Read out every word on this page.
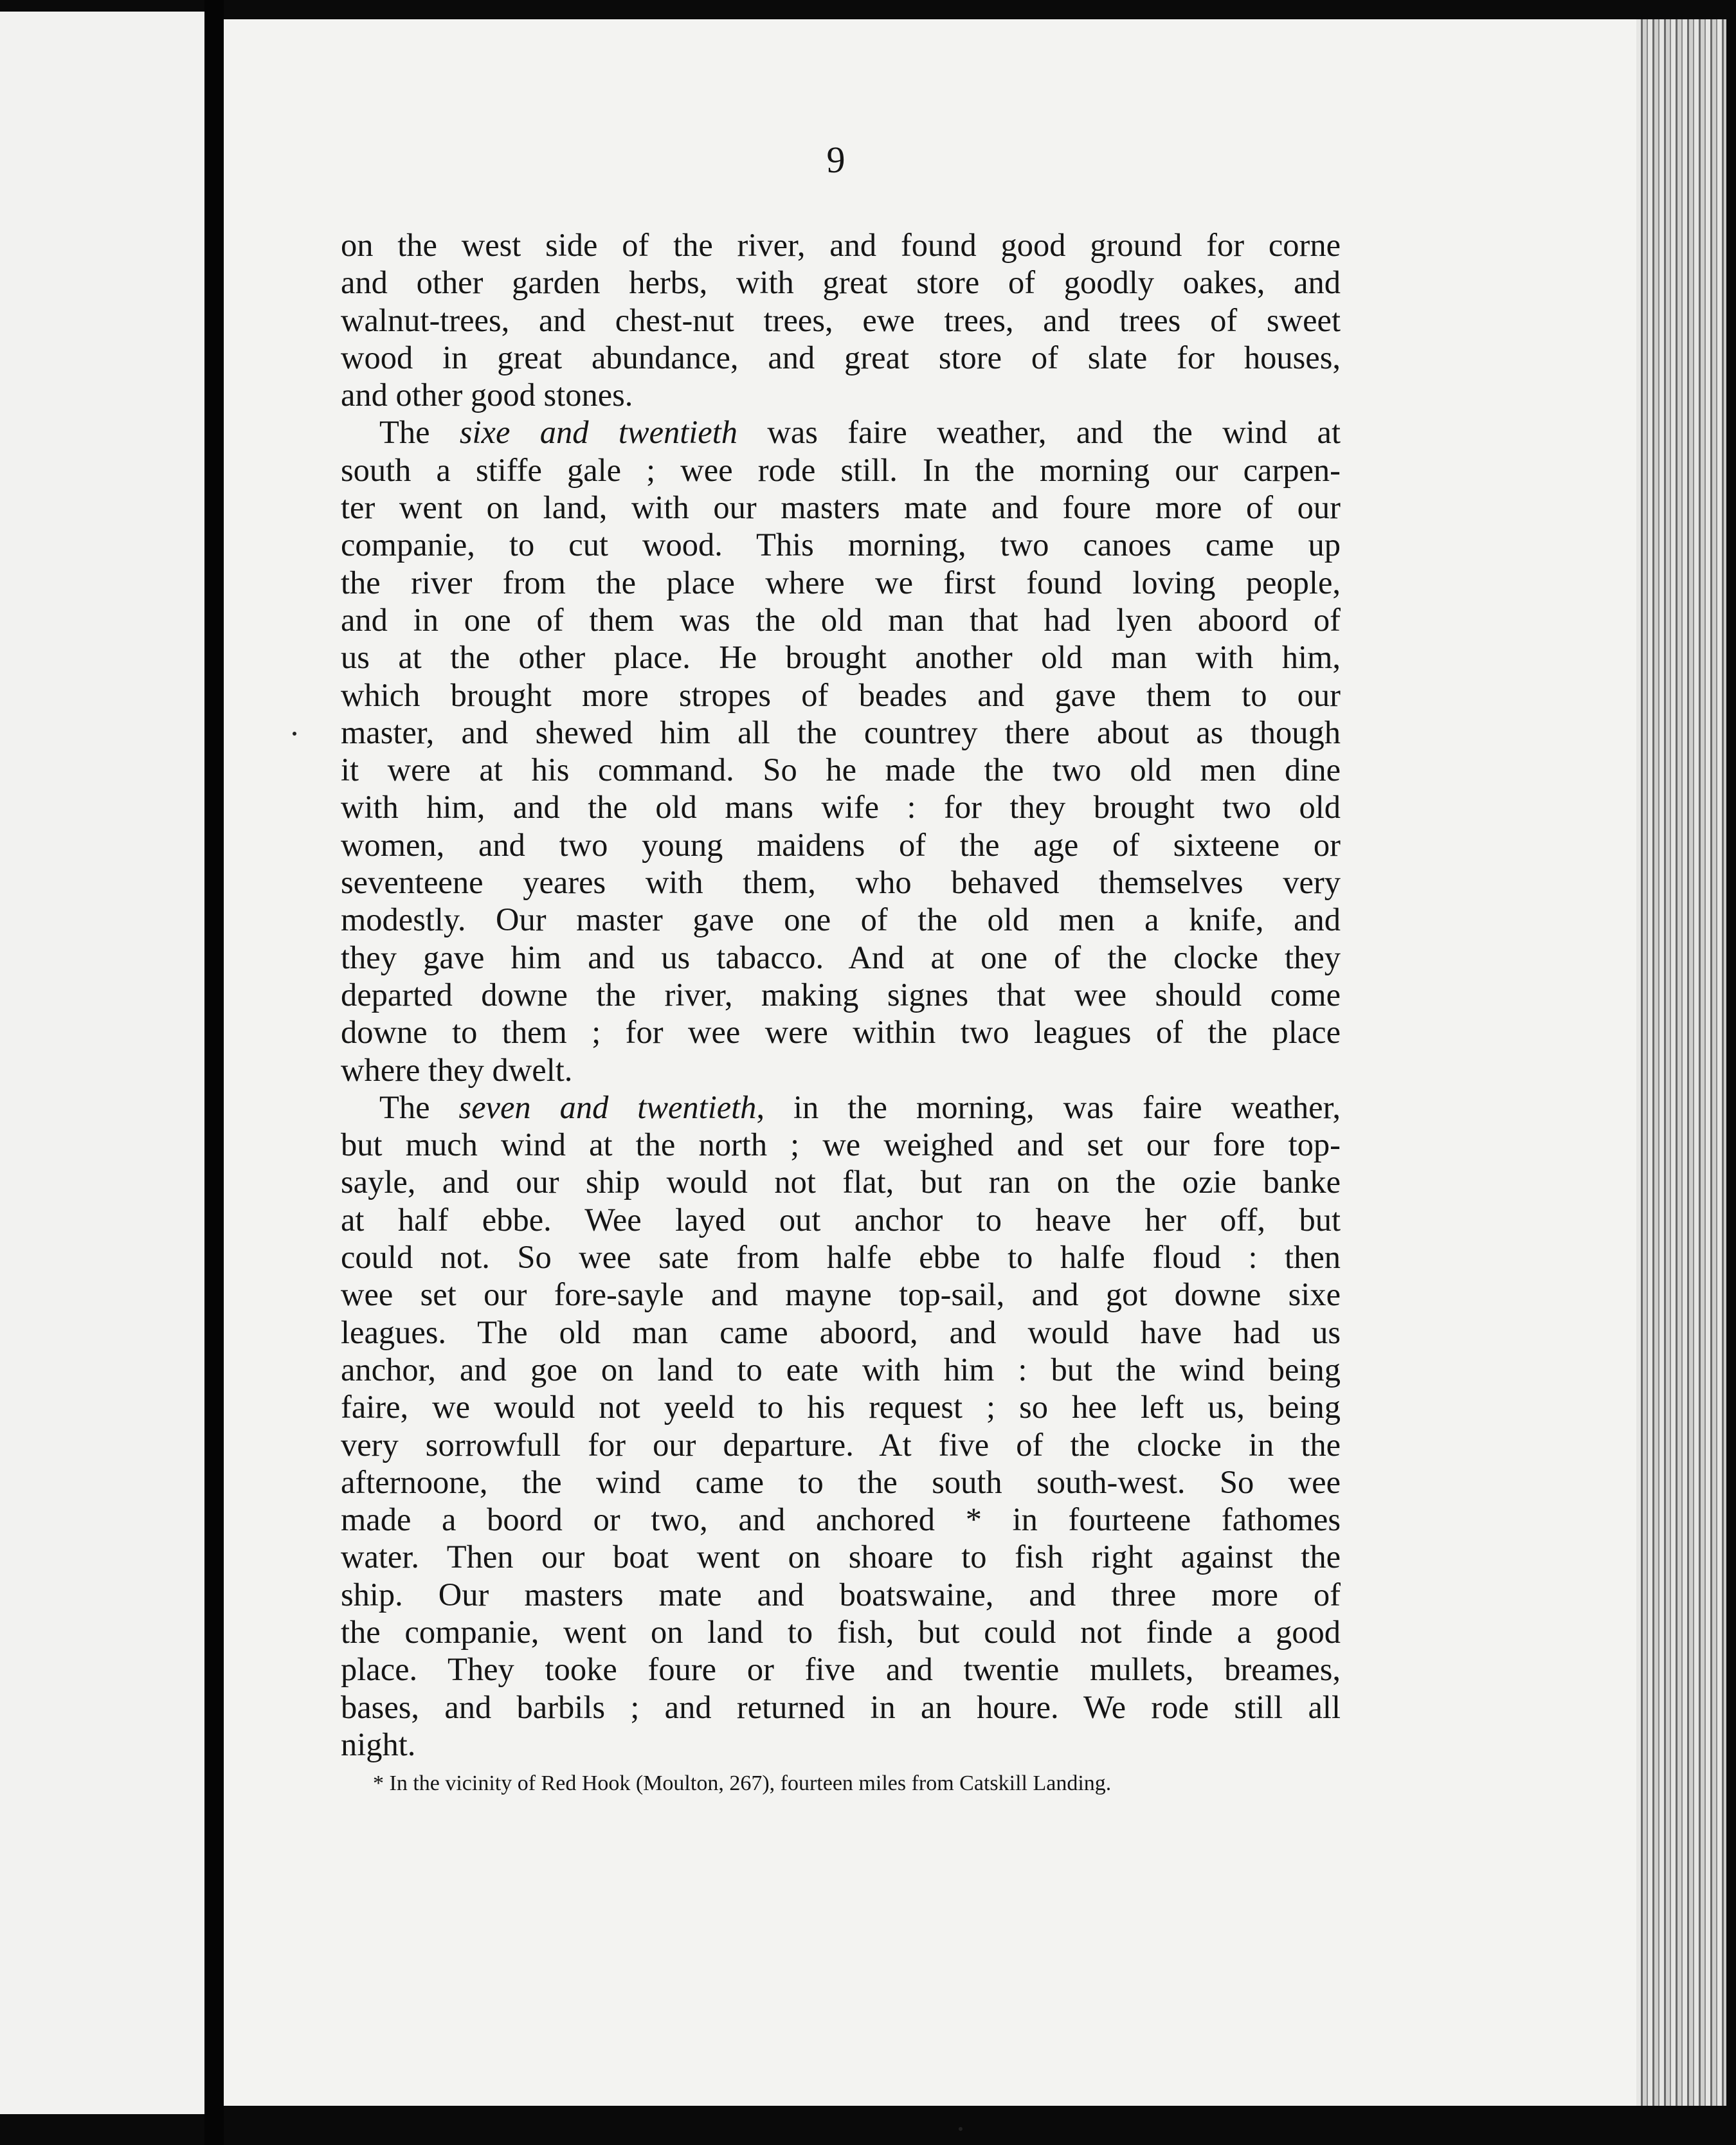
9
on the west side of the river, and found good ground for corne
and other garden herbs, with great store of goodly oakes, and
walnut-trees, and chest-nut trees, ewe trees, and trees of sweet
wood in great abundance, and great store of slate for houses,
and other good stones.
The sixe and twentieth was faire weather, and the wind at
south a stiffe gale ; wee rode still. In the morning our carpen-
ter went on land, with our masters mate and foure more of our
companie, to cut wood. This morning, two canoes came up
the river from the place where we first found loving people,
and in one of them was the old man that had lyen aboord of
us at the other place. He brought another old man with him,
which brought more stropes of beades and gave them to our
master, and shewed him all the countrey there about as though
it were at his command. So he made the two old men dine
with him, and the old mans wife : for they brought two old
women, and two young maidens of the age of sixteene or
seventeene yeares with them, who behaved themselves very
modestly. Our master gave one of the old men a knife, and
they gave him and us tabacco. And at one of the clocke they
departed downe the river, making signes that wee should come
downe to them ; for wee were within two leagues of the place
where they dwelt.
The seven and twentieth, in the morning, was faire weather,
but much wind at the north ; we weighed and set our fore top-
sayle, and our ship would not flat, but ran on the ozie banke
at half ebbe. Wee layed out anchor to heave her off, but
could not. So wee sate from halfe ebbe to halfe floud : then
wee set our fore-sayle and mayne top-sail, and got downe sixe
leagues. The old man came aboord, and would have had us
anchor, and goe on land to eate with him : but the wind being
faire, we would not yeeld to his request ; so hee left us, being
very sorrowfull for our departure. At five of the clocke in the
afternoone, the wind came to the south south-west. So wee
made a boord or two, and anchored * in fourteene fathomes
water. Then our boat went on shoare to fish right against the
ship. Our masters mate and boatswaine, and three more of
the companie, went on land to fish, but could not finde a good
place. They tooke foure or five and twentie mullets, breames,
bases, and barbils ; and returned in an houre. We rode still all
night.
* In the vicinity of Red Hook (Moulton, 267), fourteen miles from Catskill Landing.
